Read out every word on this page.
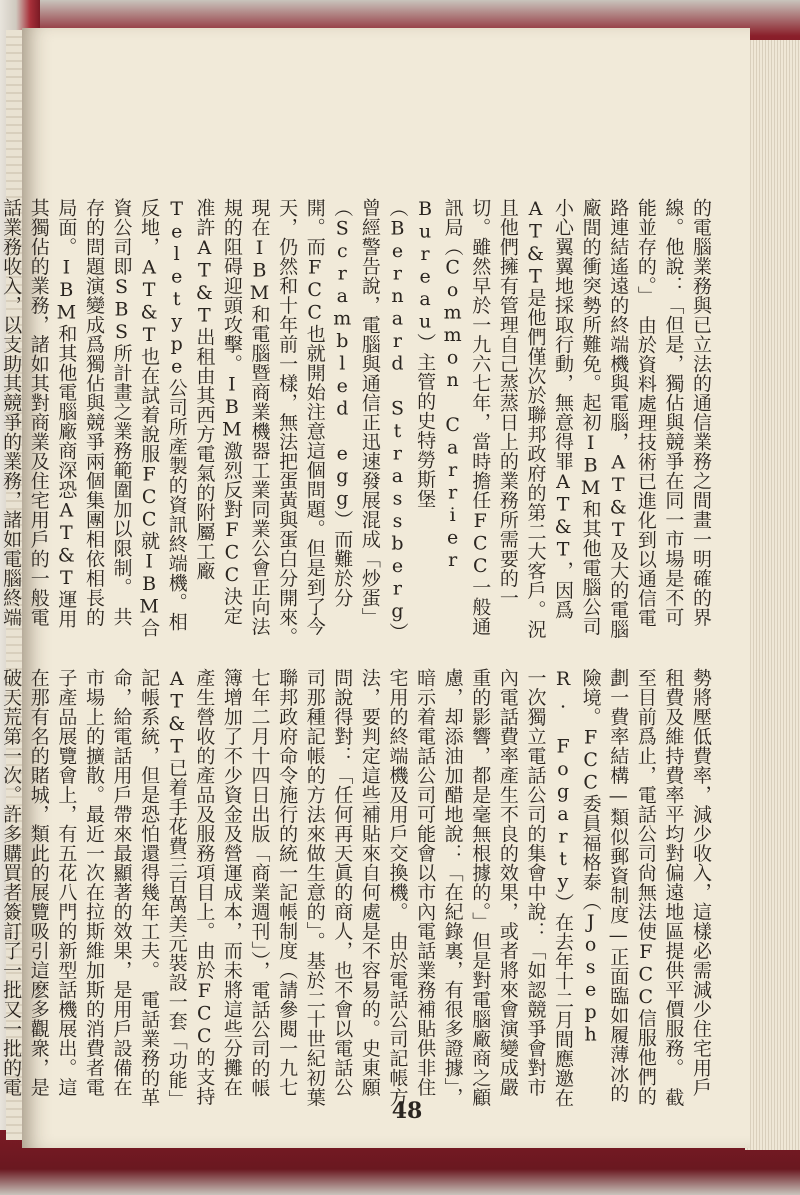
的電腦業務與已立法的通信業務之間畫一明確的界線。他說：「但是，獨佔與競爭在同一市場是不可能並存的。」　由於資料處理技術已進化到以通信電路連結遙遠的終端機與電腦，AT&T及大的電腦廠間的衝突勢所難免。起初IBM和其他電腦公司小心翼翼地採取行動，無意得罪AT&T，因爲AT&T是他們僅次於聯邦政府的第二大客戶。況且他們擁有管理自己蒸蒸日上的業務所需要的一切。雖然早於一九六七年，當時擔任FCC一般通訊局（Common Carrier Bureau）主管的史特勞斯堡（Bernard Strassberg）曾經警告說，電腦與通信正迅速發展混成「炒蛋」（Scrambled egg）而難於分開。而FCC也就開始注意這個問題。但是到了今天，仍然和十年前一樣，無法把蛋黃與蛋白分開來。　現在IBM和電腦暨商業機器工業同業公會正向法規的阻碍迎頭攻擊。IBM激烈反對FCC決定准許AT&T出租由其西方電氣的附屬工廠Teletype公司所產製的資訊終端機。相反地，AT&T也在試着說服FCC就IBM合資公司即SBS所計畫之業務範圍加以限制。　共存的問題演變成爲獨佔與競爭兩個集團相依相長的局面。IBM和其他電腦廠商深恐AT&T運用其獨佔的業務，諸如其對商業及住宅用戶的一般電話業務收入，以支助其競爭的業務，諸如電腦終端
勢將壓低費率，減少收入，這樣必需減少住宅用戶租費及維持費率平均對偏遠地區提供平價服務。　截至目前爲止，電話公司尙無法使FCC信服他們的劃一費率結構—類似郵資制度—正面臨如履薄冰的險境。FCC委員福格泰（Joseph R. Fogarty）在去年十二月間應邀在一次獨立電話公司的集會中說：「如認競爭會對市內電話費率產生不良的效果，或者將來會演變成嚴重的影響，都是毫無根據的。」但是對電腦廠商之顧慮，却添油加醋地說：「在紀錄裏，有很多證據」，暗示着電話公司可能會以市內電話業務補貼供非住宅用的終端機及用戶交換機。　由於電話公司記帳方法，要判定這些補貼來自何處是不容易的。史東願問說得對：「任何再天眞的商人，也不會以電話公司那種記帳的方法來做生意的」。基於二十世紀初葉聯邦政府命令施行的統一記帳制度（請參閱一九七七年二月十四日出版「商業週刊」），電話公司的帳簿增加了不少資金及營運成本，而未將這些分攤在產生營收的產品及服務項目上。由於FCC的支持AT&T已着手花費三百萬美元裝設一套「功能」記帳系統，但是恐怕還得幾年工夫。　電話業務的革命，給電話用戶帶來最顯著的效果，是用戶設備在市場上的擴散。最近一次在拉斯維加斯的消費者電子產品展覽會上，有五花八門的新型話機展出。這在那有名的賭城，類此的展覽吸引這麽多觀衆，是破天荒第一次。許多購買者簽訂了一批又一批的電
48
